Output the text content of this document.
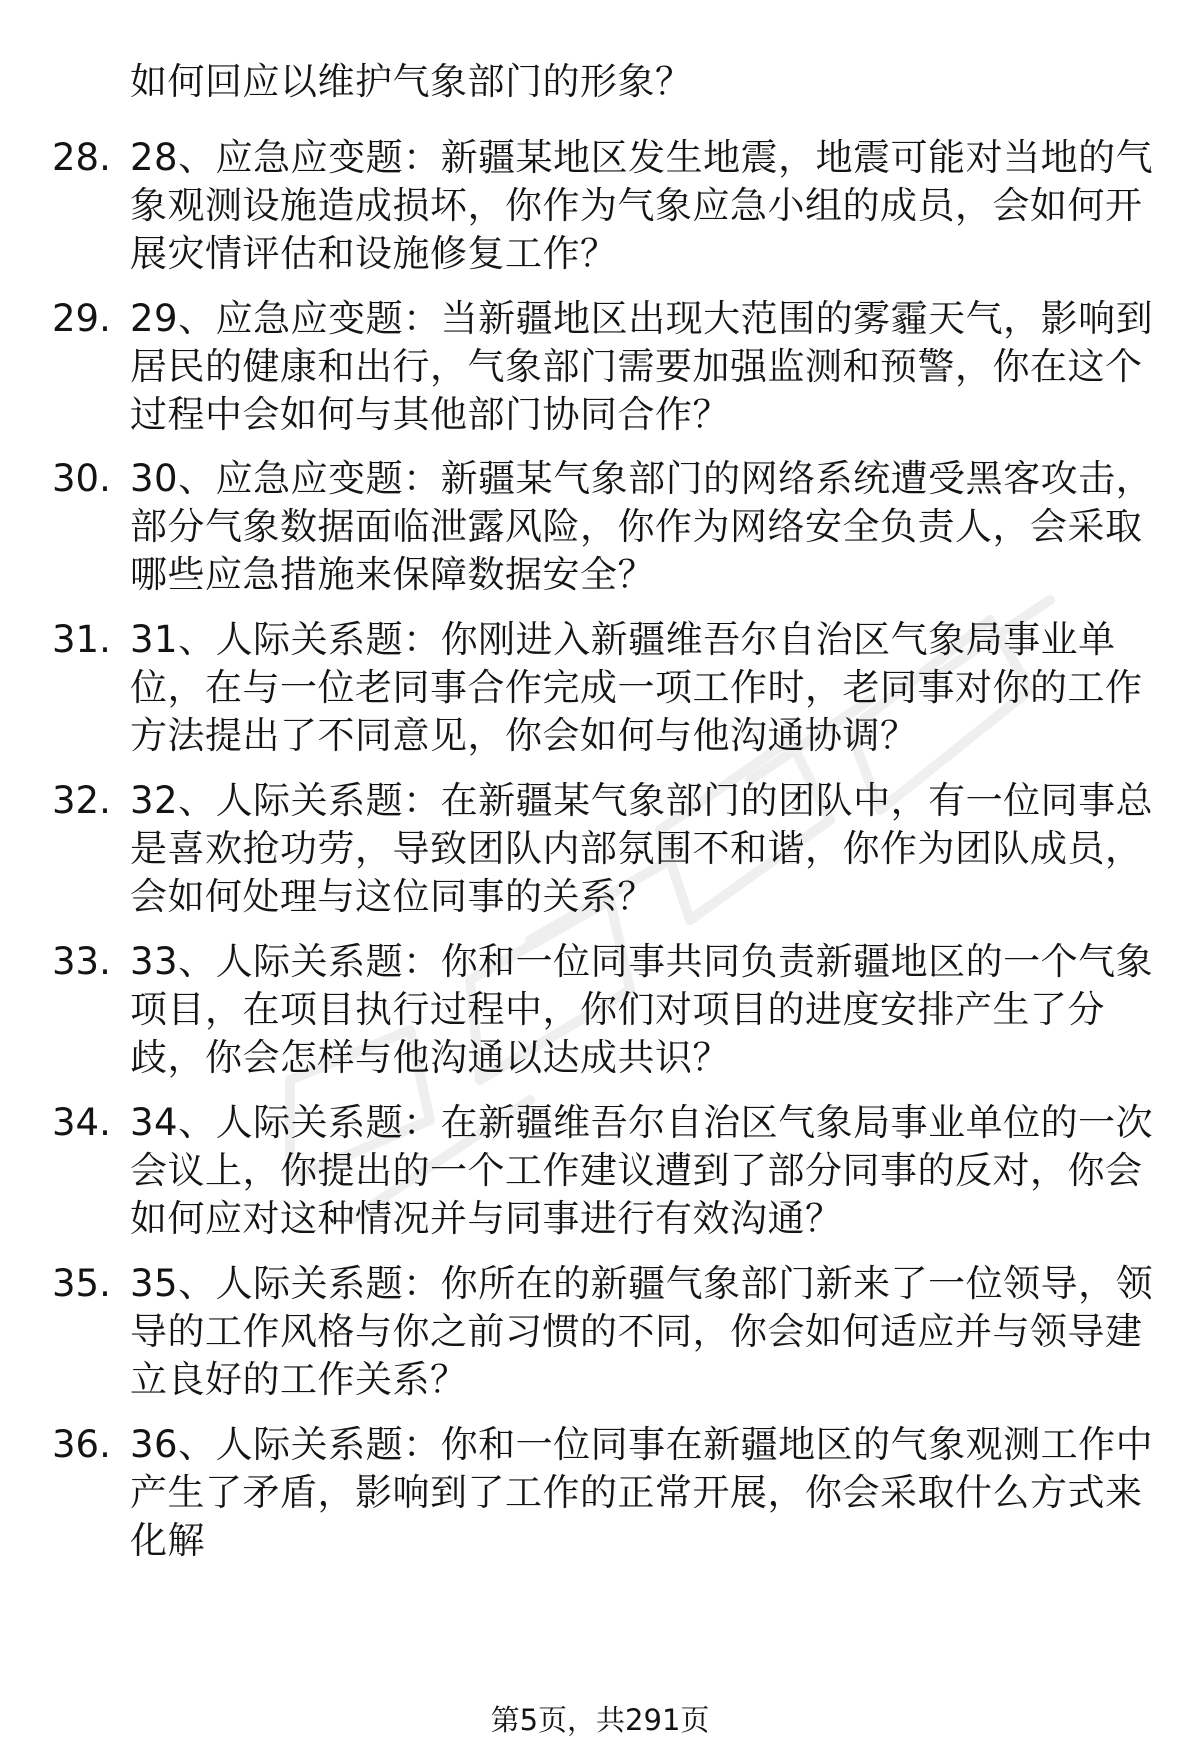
如何回应以维护气象部门的形象？
28. 28、应急应变题：新疆某地区发生地震，地震可能对当地的气象观测设施造成损坏，你作为气象应急小组的成员，会如何开展灾情评估和设施修复工作？
29. 29、应急应变题：当新疆地区出现大范围的雾霾天气，影响到居民的健康和出行，气象部门需要加强监测和预警，你在这个过程中会如何与其他部门协同合作？
30. 30、应急应变题：新疆某气象部门的网络系统遭受黑客攻击，部分气象数据面临泄露风险，你作为网络安全负责人，会采取哪些应急措施来保障数据安全？
31. 31、人际关系题：你刚进入新疆维吾尔自治区气象局事业单位，在与一位老同事合作完成一项工作时，老同事对你的工作方法提出了不同意见，你会如何与他沟通协调？
32. 32、人际关系题：在新疆某气象部门的团队中，有一位同事总是喜欢抢功劳，导致团队内部氛围不和谐，你作为团队成员，会如何处理与这位同事的关系？
33. 33、人际关系题：你和一位同事共同负责新疆地区的一个气象项目，在项目执行过程中，你们对项目的进度安排产生了分歧，你会怎样与他沟通以达成共识？
34. 34、人际关系题：在新疆维吾尔自治区气象局事业单位的一次会议上，你提出的一个工作建议遭到了部分同事的反对，你会如何应对这种情况并与同事进行有效沟通？
35. 35、人际关系题：你所在的新疆气象部门新来了一位领导，领导的工作风格与你之前习惯的不同，你会如何适应并与领导建立良好的工作关系？
36. 36、人际关系题：你和一位同事在新疆地区的气象观测工作中产生了矛盾，影响到了工作的正常开展，你会采取什么方式来化解
第5页，共291页
